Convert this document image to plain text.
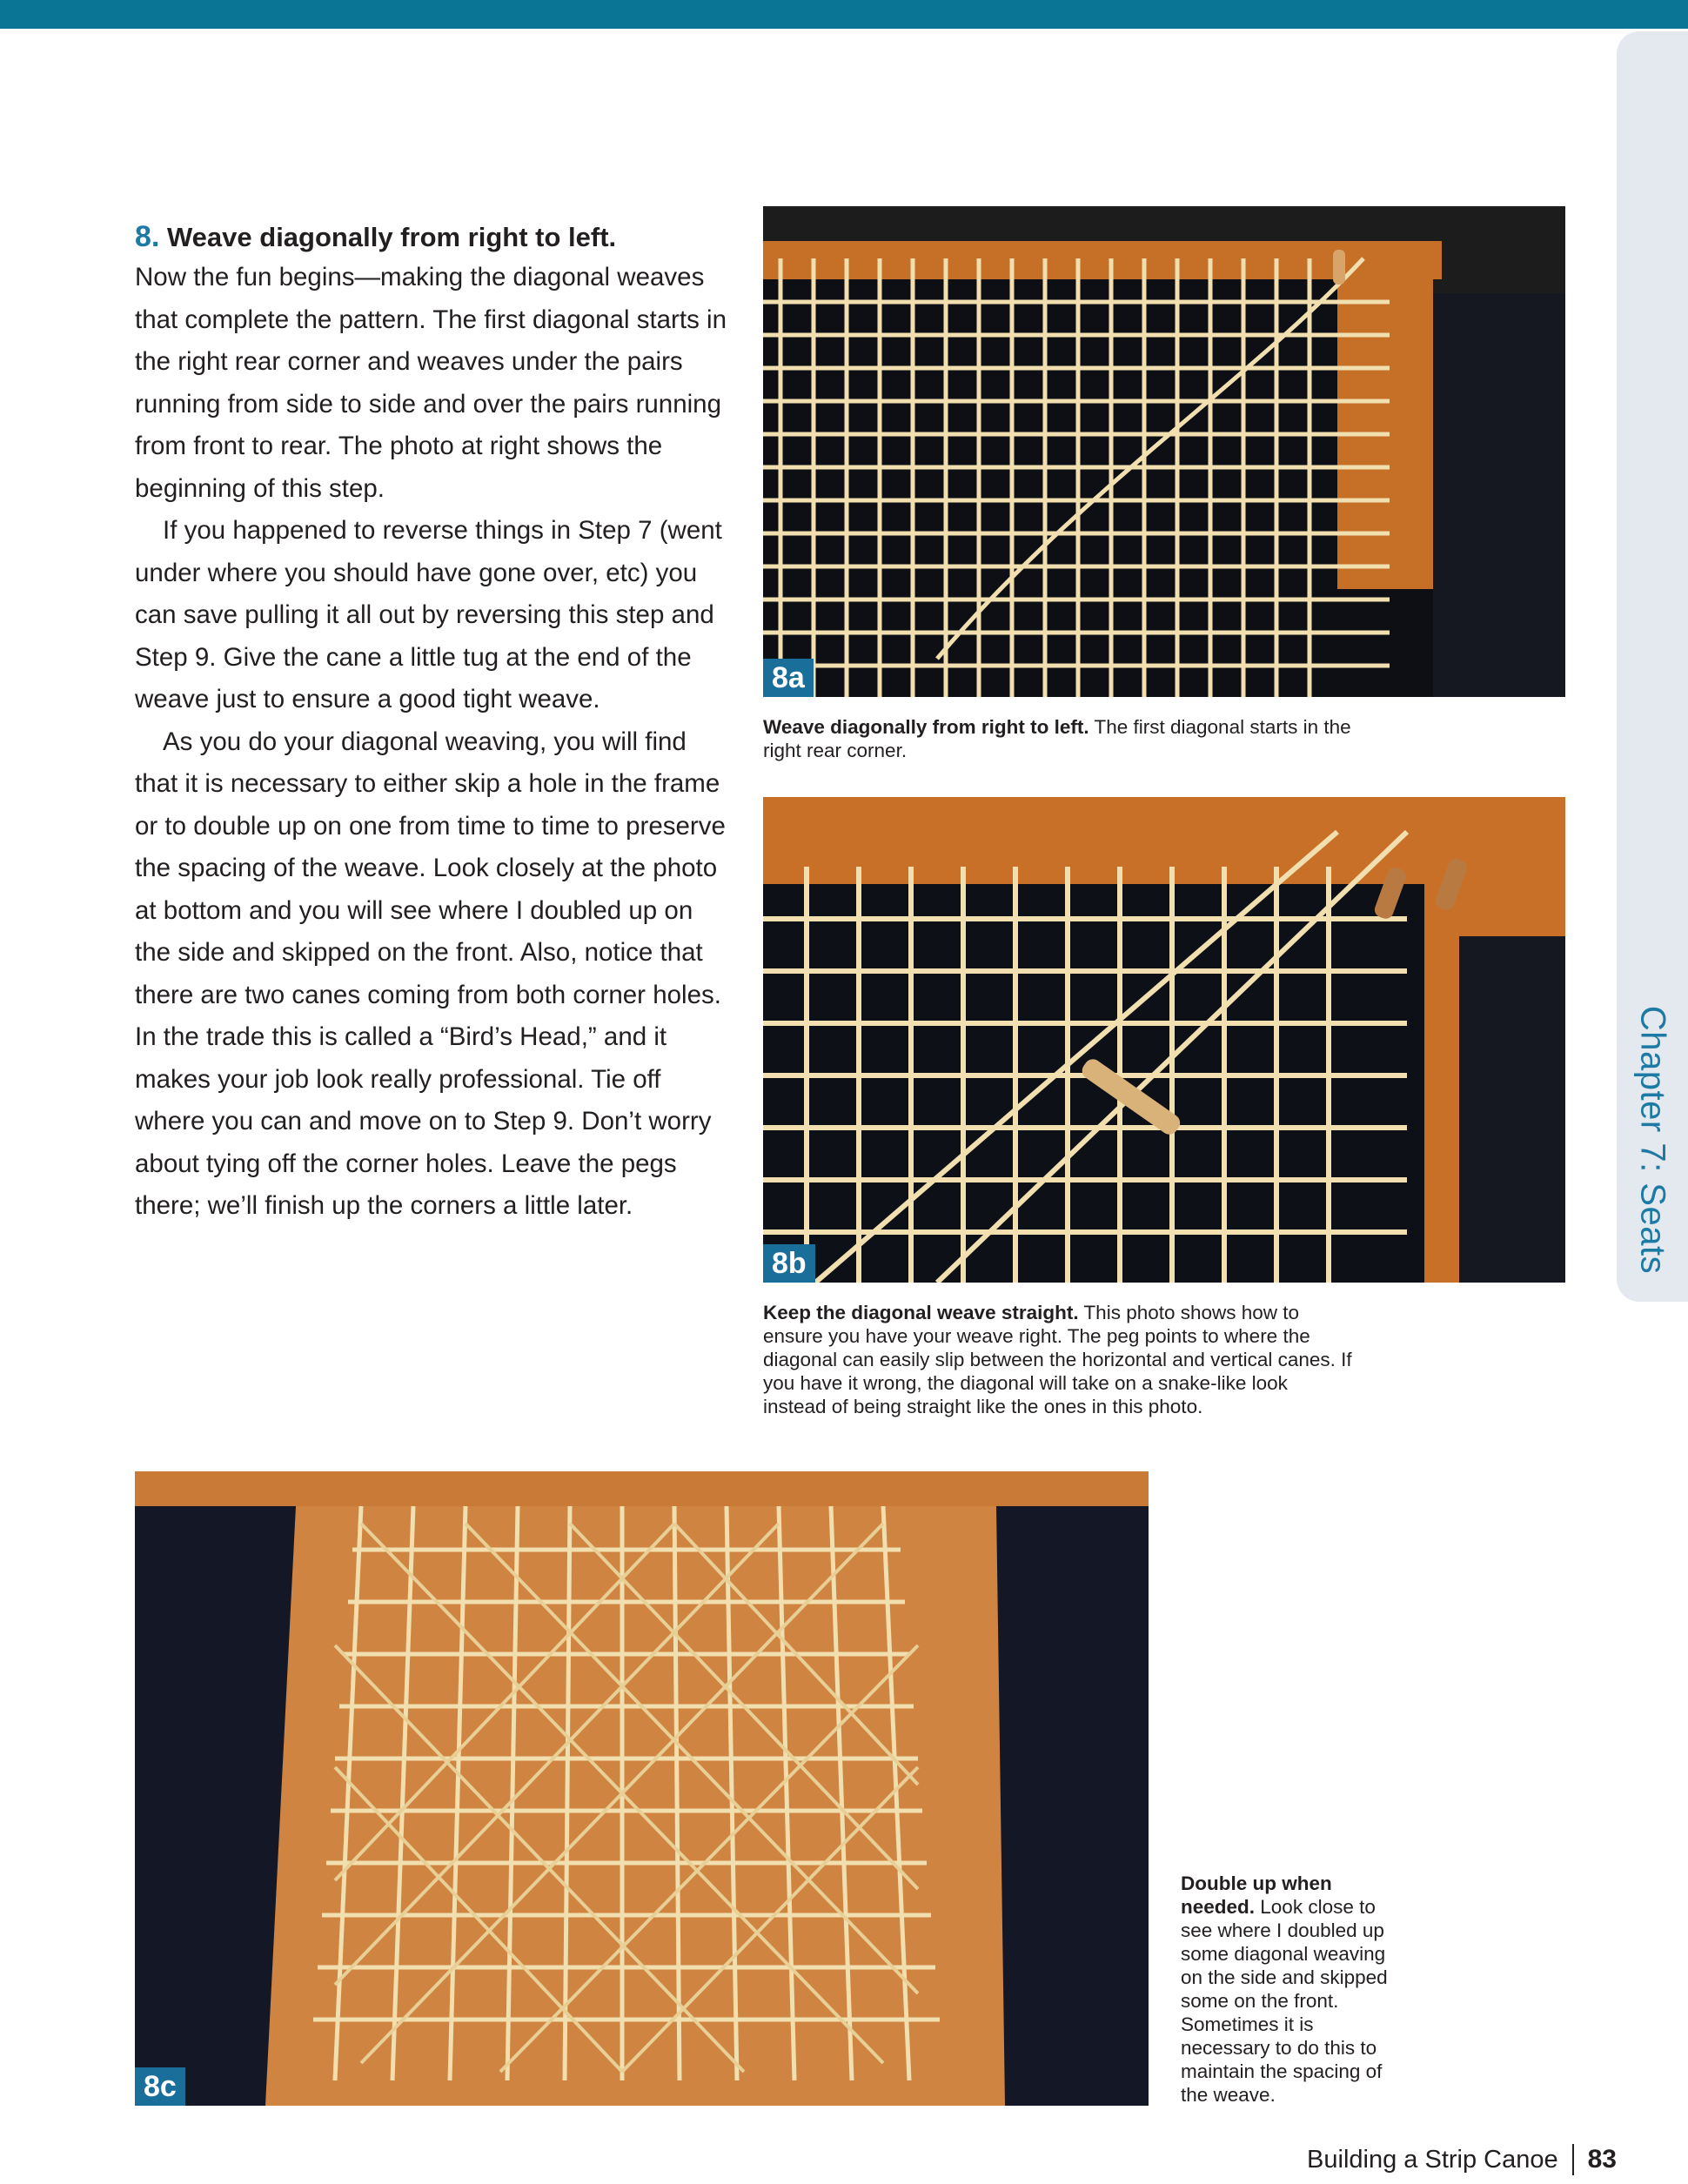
Chapter 7: Seats

8. Weave diagonally from right to left.

Now the fun begins—making the diagonal weaves that complete the pattern. The first diagonal starts in the right rear corner and weaves under the pairs running from side to side and over the pairs running from front to rear. The photo at right shows the beginning of this step.

If you happened to reverse things in Step 7 (went under where you should have gone over, etc) you can save pulling it all out by reversing this step and Step 9. Give the cane a little tug at the end of the weave just to ensure a good tight weave.

As you do your diagonal weaving, you will find that it is necessary to either skip a hole in the frame or to double up on one from time to time to preserve the spacing of the weave. Look closely at the photo at bottom and you will see where I doubled up on the side and skipped on the front. Also, notice that there are two canes coming from both corner holes. In the trade this is called a “Bird’s Head,” and it makes your job look really professional. Tie off where you can and move on to Step 9. Don’t worry about tying off the corner holes. Leave the pegs there; we’ll finish up the corners a little later.

8a
Weave diagonally from right to left. The first diagonal starts in the right rear corner.
8b
Keep the diagonal weave straight. This photo shows how to ensure you have your weave right. The peg points to where the diagonal can easily slip between the horizontal and vertical canes. If you have it wrong, the diagonal will take on a snake-like look instead of being straight like the ones in this photo.
8c
Double up when needed. Look close to see where I doubled up some diagonal weaving on the side and skipped some on the front. Sometimes it is necessary to do this to maintain the spacing of the weave.
Building a Strip Canoe 83
